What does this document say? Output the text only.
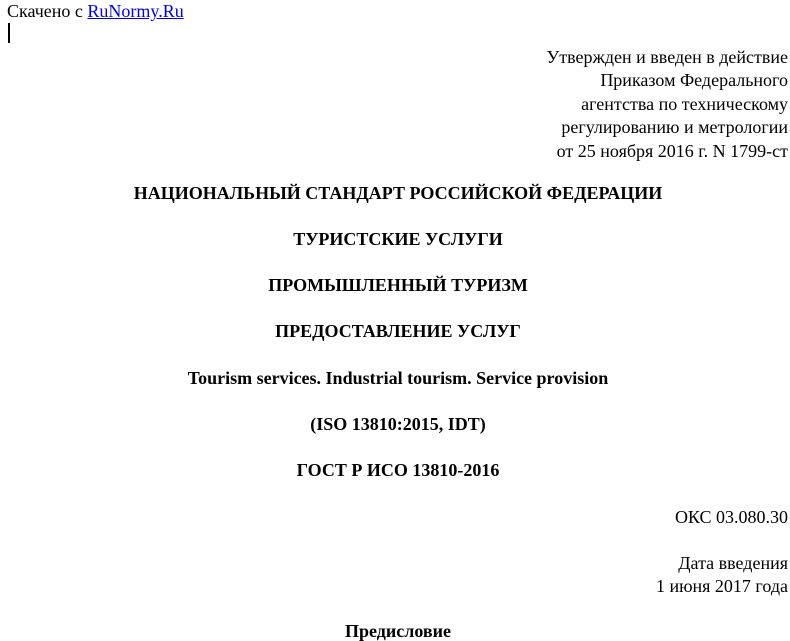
Скачено с RuNormy.Ru
Утвержден и введен в действие
Приказом Федерального
агентства по техническому
регулированию и метрологии
от 25 ноября 2016 г. N 1799-ст
НАЦИОНАЛЬНЫЙ СТАНДАРТ РОССИЙСКОЙ ФЕДЕРАЦИИ
ТУРИСТСКИЕ УСЛУГИ
ПРОМЫШЛЕННЫЙ ТУРИЗМ
ПРЕДОСТАВЛЕНИЕ УСЛУГ
Tourism services. Industrial tourism. Service provision
(ISO 13810:2015, IDT)
ГОСТ Р ИСО 13810-2016
ОКС 03.080.30
Дата введения
1 июня 2017 года
Предисловие
